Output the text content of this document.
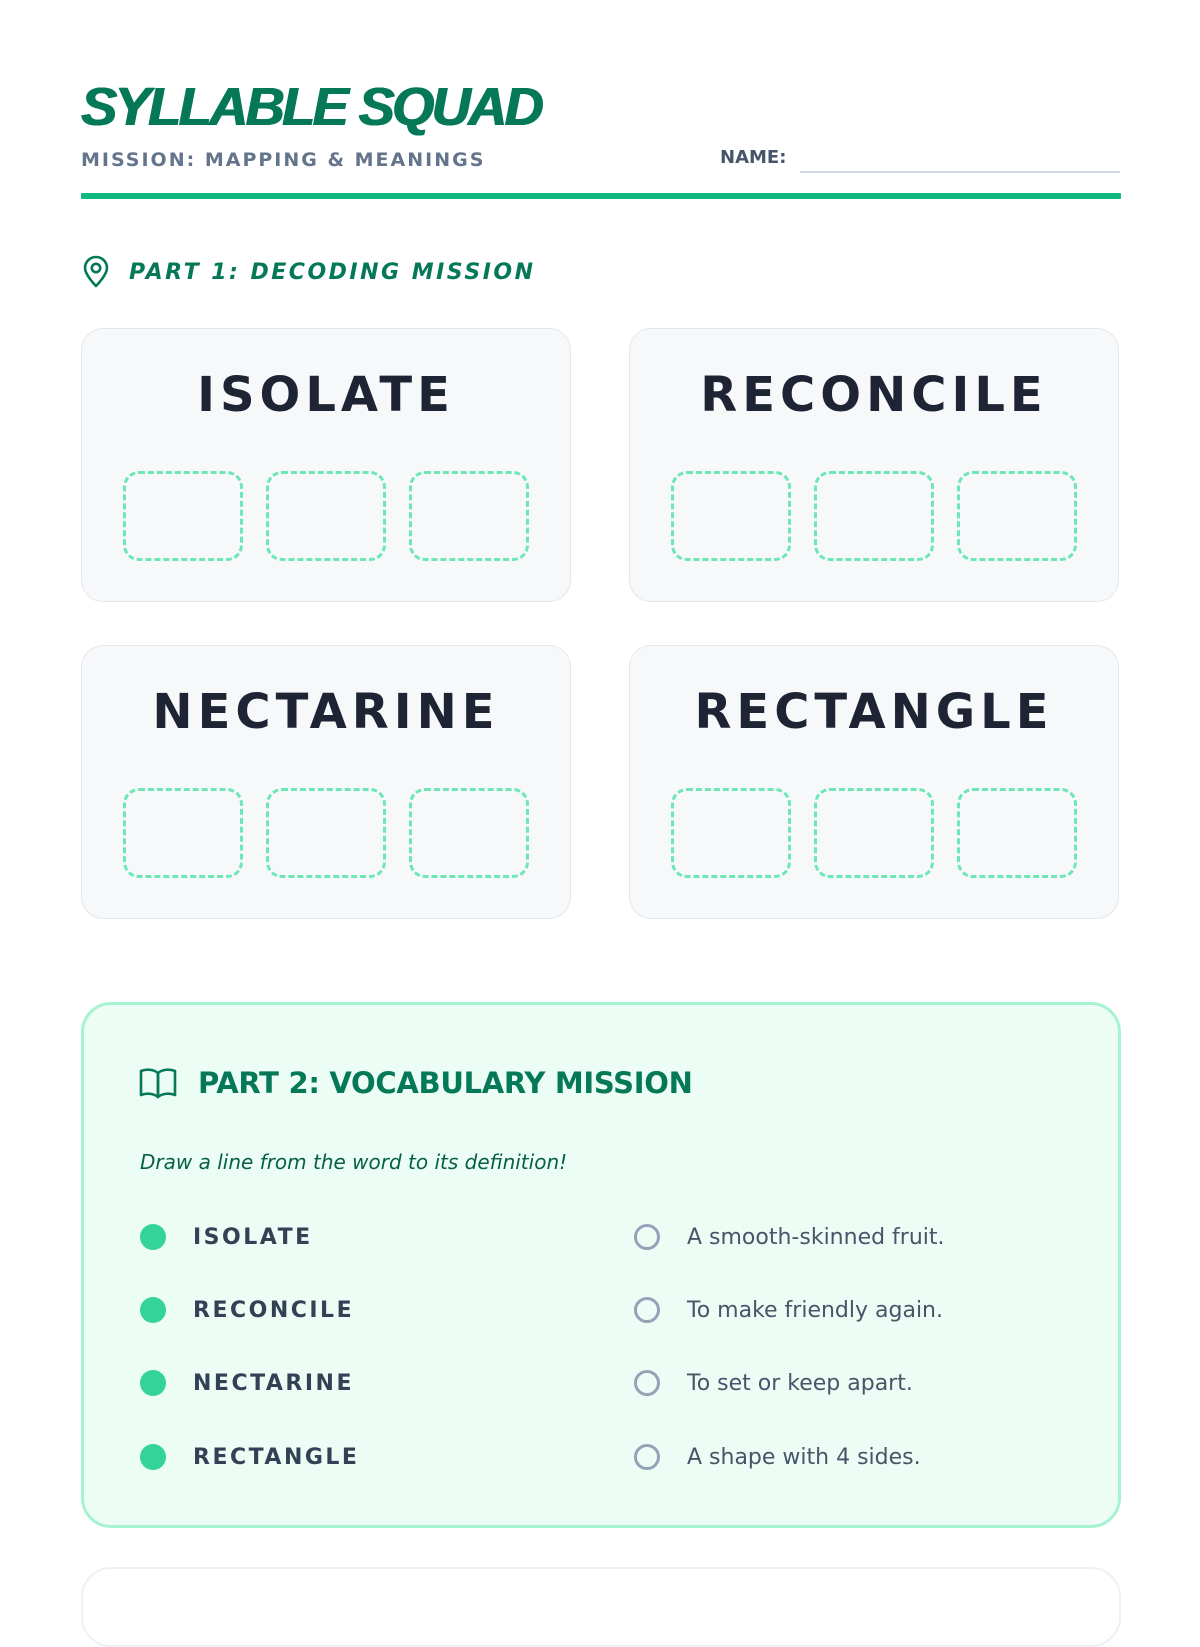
SYLLABLE SQUAD
MISSION: MAPPING & MEANINGS	NAME:
PART 1: DECODING MISSION
ISOLATE	RECONCILE
NECTARINE	RECTANGLE
PART 2: VOCABULARY MISSION
Draw a line from the word to its definition!
ISOLATE	A smooth-skinned fruit.
RECONCILE	To make friendly again.
NECTARINE	To set or keep apart.
RECTANGLE	A shape with 4 sides.
